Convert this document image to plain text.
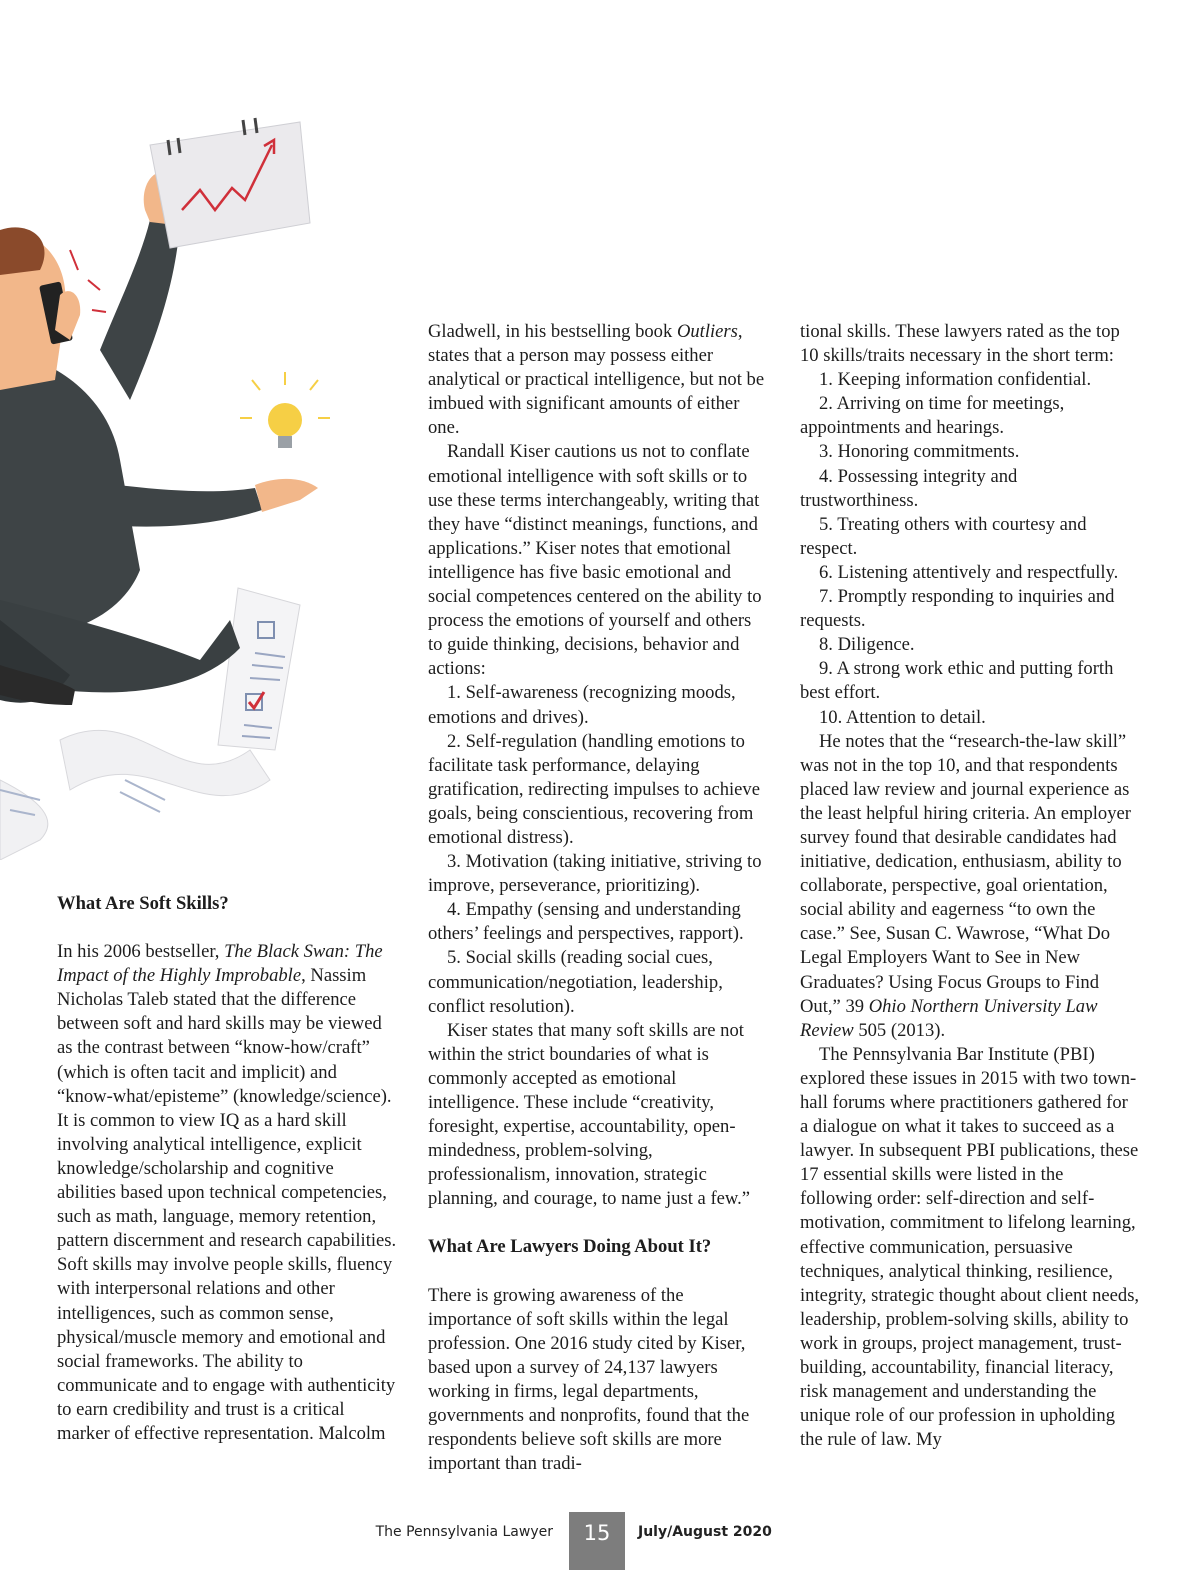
What Are Soft Skills?

In his 2006 bestseller, The Black Swan: The Impact of the Highly Improbable, Nassim Nicholas Taleb stated that the difference between soft and hard skills may be viewed as the contrast between “know-how/craft” (which is often tacit and implicit) and “know-what/episteme” (knowledge/science). It is common to view IQ as a hard skill involving analytical intelligence, explicit knowledge/scholarship and cognitive abilities based upon technical competencies, such as math, language, memory retention, pattern discernment and research capabilities. Soft skills may involve people skills, fluency with interpersonal relations and other intelligences, such as common sense, physical/muscle memory and emotional and social frameworks. The ability to communicate and to engage with authenticity to earn credibility and trust is a critical marker of effective representation. Malcolm

Gladwell, in his bestselling book Outliers, states that a person may possess either analytical or practical intelligence, but not be imbued with significant amounts of either one.

Randall Kiser cautions us not to conflate emotional intelligence with soft skills or to use these terms interchangeably, writing that they have “distinct meanings, functions, and applications.” Kiser notes that emotional intelligence has five basic emotional and social competences centered on the ability to process the emotions of yourself and others to guide thinking, decisions, behavior and actions:

1. Self-awareness (recognizing moods, emotions and drives).

2. Self-regulation (handling emotions to facilitate task performance, delaying gratification, redirecting impulses to achieve goals, being conscientious, recovering from emotional distress).

3. Motivation (taking initiative, striving to improve, perseverance, prioritizing).

4. Empathy (sensing and understanding others’ feelings and perspectives, rapport).

5. Social skills (reading social cues, communication/negotiation, leadership, conflict resolution).

Kiser states that many soft skills are not within the strict boundaries of what is commonly accepted as emotional intelligence. These include “creativity, foresight, expertise, accountability, open-mindedness, problem-solving, professionalism, innovation, strategic planning, and courage, to name just a few.”

What Are Lawyers Doing About It?

There is growing awareness of the importance of soft skills within the legal profession. One 2016 study cited by Kiser, based upon a survey of 24,137 lawyers working in firms, legal departments, governments and nonprofits, found that the respondents believe soft skills are more important than tradi-

tional skills. These lawyers rated as the top 10 skills/traits necessary in the short term:

1. Keeping information confidential.

2. Arriving on time for meetings, appointments and hearings.

3. Honoring commitments.

4. Possessing integrity and trustworthiness.

5. Treating others with courtesy and respect.

6. Listening attentively and respectfully.

7. Promptly responding to inquiries and requests.

8. Diligence.

9. A strong work ethic and putting forth best effort.

10. Attention to detail.

He notes that the “research-the-law skill” was not in the top 10, and that respondents placed law review and journal experience as the least helpful hiring criteria. An employer survey found that desirable candidates had initiative, dedication, enthusiasm, ability to collaborate, perspective, goal orientation, social ability and eagerness “to own the case.” See, Susan C. Wawrose, “What Do Legal Employers Want to See in New Graduates? Using Focus Groups to Find Out,” 39 Ohio Northern University Law Review 505 (2013).

The Pennsylvania Bar Institute (PBI) explored these issues in 2015 with two town-hall forums where practitioners gathered for a dialogue on what it takes to succeed as a lawyer. In subsequent PBI publications, these 17 essential skills were listed in the following order: self-direction and self-motivation, commitment to lifelong learning, effective communication, persuasive techniques, analytical thinking, resilience, integrity, strategic thought about client needs, leadership, problem-solving skills, ability to work in groups, project management, trust-building, accountability, financial literacy, risk management and understanding the unique role of our profession in upholding the rule of law. My

The Pennsylvania Lawyer	15	July/August 2020
